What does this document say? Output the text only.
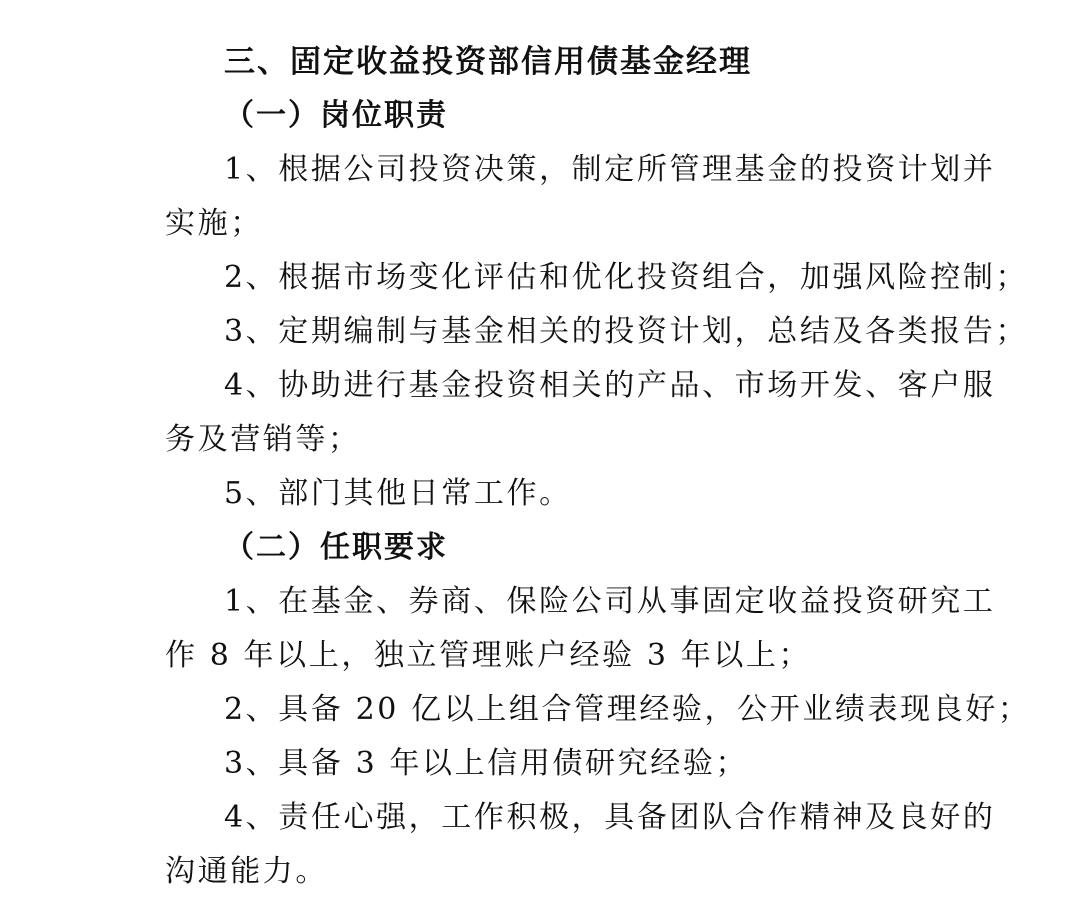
三、固定收益投资部信用债基金经理
（一）岗位职责
1、根据公司投资决策，制定所管理基金的投资计划并
实施；
2、根据市场变化评估和优化投资组合，加强风险控制；
3、定期编制与基金相关的投资计划，总结及各类报告；
4、协助进行基金投资相关的产品、市场开发、客户服
务及营销等；
5、部门其他日常工作。
（二）任职要求
1、在基金、券商、保险公司从事固定收益投资研究工
作 8 年以上，独立管理账户经验 3 年以上；
2、具备 20 亿以上组合管理经验，公开业绩表现良好；
3、具备 3 年以上信用债研究经验；
4、责任心强，工作积极，具备团队合作精神及良好的
沟通能力。
